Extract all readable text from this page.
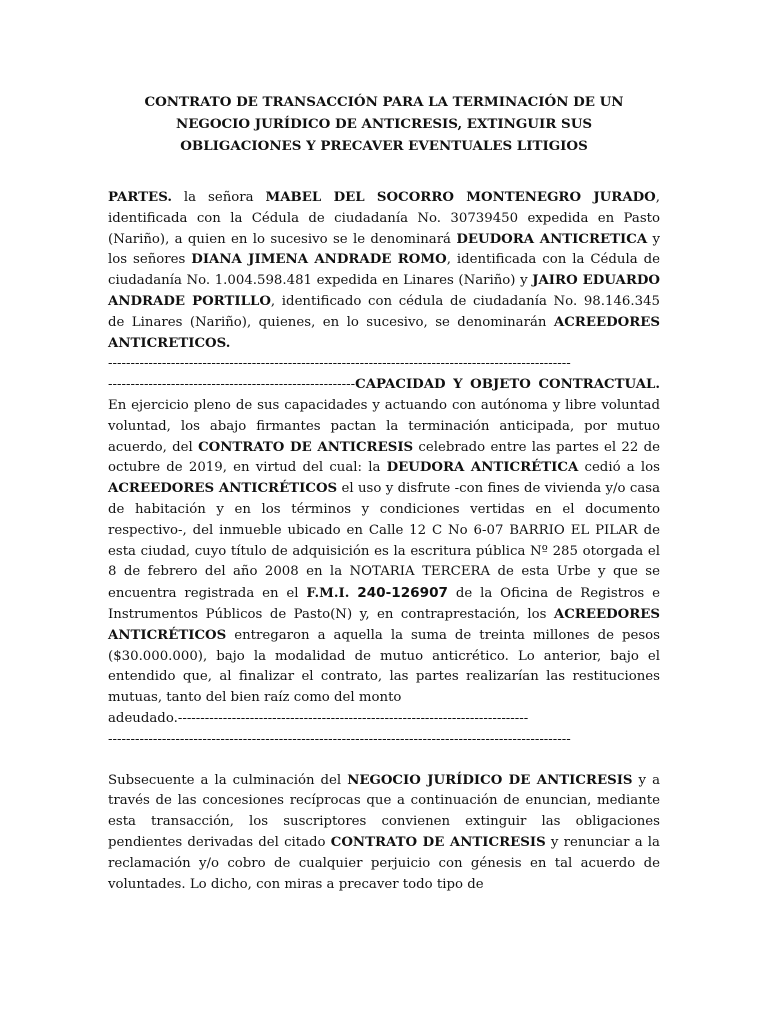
CONTRATO DE TRANSACCIÓN PARA LA TERMINACIÓN DE UN
NEGOCIO JURÍDICO DE ANTICRESIS, EXTINGUIR SUS
OBLIGACIONES Y PRECAVER EVENTUALES LITIGIOS

PARTES. la señora MABEL DEL SOCORRO MONTENEGRO JURADO, identificada con la Cédula de ciudadanía No. 30739450 expedida en Pasto (Nariño), a quien en lo sucesivo se le denominará DEUDORA ANTICRETICA y los señores DIANA JIMENA ANDRADE ROMO, identificada con la Cédula de ciudadanía No. 1.004.598.481 expedida en Linares (Nariño) y JAIRO EDUARDO ANDRADE PORTILLO, identificado con cédula de ciudadanía No. 98.146.345 de Linares (Nariño), quienes, en lo sucesivo, se denominarán ACREEDORES ANTICRETICOS.
-------------------------------------------------------------------------------------------------------
-------------------------------------------------------CAPACIDAD Y OBJETO CONTRACTUAL. En ejercicio pleno de sus capacidades y actuando con autónoma y libre voluntad voluntad, los abajo firmantes pactan la terminación anticipada, por mutuo acuerdo, del CONTRATO DE ANTICRESIS celebrado entre las partes el 22 de octubre de 2019, en virtud del cual: la DEUDORA ANTICRÉTICA cedió a los ACREEDORES ANTICRÉTICOS el uso y disfrute -con fines de vivienda y/o casa de habitación y en los términos y condiciones vertidas en el documento respectivo-, del inmueble ubicado en Calle 12 C No 6-07 BARRIO EL PILAR de esta ciudad, cuyo título de adquisición es la escritura pública Nº 285 otorgada el 8 de febrero del año 2008 en la NOTARIA TERCERA de esta Urbe y que se encuentra registrada en el F.M.I. 240-126907 de la Oficina de Registros e Instrumentos Públicos de Pasto(N) y, en contraprestación, los ACREEDORES ANTICRÉTICOS entregaron a aquella la suma de treinta millones de pesos ($30.000.000), bajo la modalidad de mutuo anticrético. Lo anterior, bajo el entendido que, al finalizar el contrato, las partes realizarían las restituciones mutuas, tanto del bien raíz como del monto
adeudado.------------------------------------------------------------------------------
-------------------------------------------------------------------------------------------------------

Subsecuente a la culminación del NEGOCIO JURÍDICO DE ANTICRESIS y a través de las concesiones recíprocas que a continuación de enuncian, mediante esta transacción, los suscriptores convienen extinguir las obligaciones pendientes derivadas del citado CONTRATO DE ANTICRESIS y renunciar a la reclamación y/o cobro de cualquier perjuicio con génesis en tal acuerdo de voluntades. Lo dicho, con miras a precaver todo tipo de
